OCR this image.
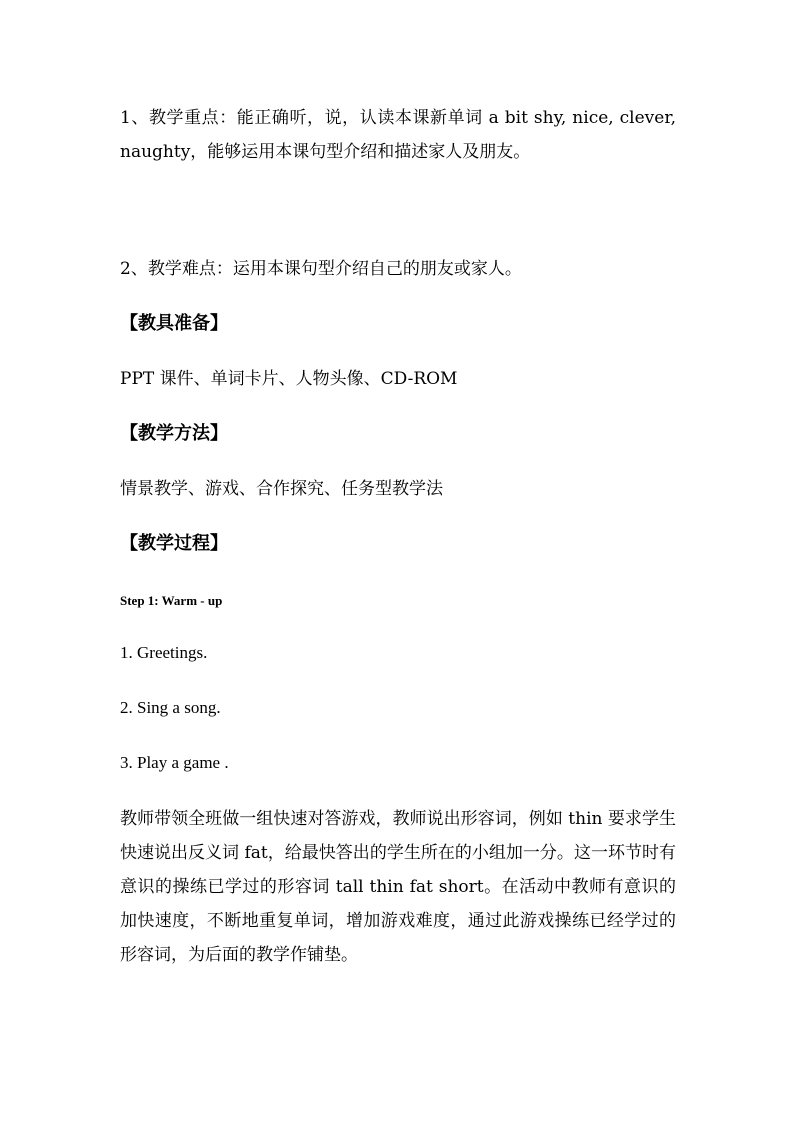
1、教学重点：能正确听，说，认读本课新单词 a bit shy, nice, clever, naughty，能够运用本课句型介绍和描述家人及朋友。
2、教学难点：运用本课句型介绍自己的朋友或家人。
【教具准备】
PPT 课件、单词卡片、人物头像、CD-ROM
【教学方法】
情景教学、游戏、合作探究、任务型教学法
【教学过程】
Step 1: Warm - up
1. Greetings.
2. Sing a song.
3. Play a game .
教师带领全班做一组快速对答游戏，教师说出形容词，例如 thin 要求学生快速说出反义词 fat，给最快答出的学生所在的小组加一分。这一环节时有意识的操练已学过的形容词 tall thin fat short。在活动中教师有意识的加快速度，不断地重复单词，增加游戏难度，通过此游戏操练已经学过的形容词，为后面的教学作铺垫。
